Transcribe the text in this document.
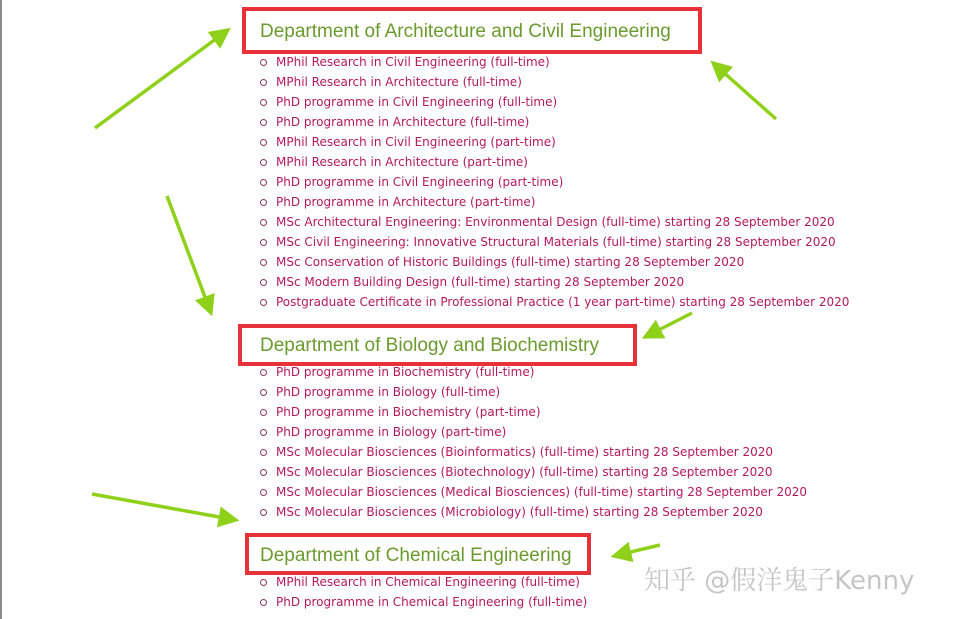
Department of Architecture and Civil Engineering
MPhil Research in Civil Engineering (full-time)
MPhil Research in Architecture (full-time)
PhD programme in Civil Engineering (full-time)
PhD programme in Architecture (full-time)
MPhil Research in Civil Engineering (part-time)
MPhil Research in Architecture (part-time)
PhD programme in Civil Engineering (part-time)
PhD programme in Architecture (part-time)
MSc Architectural Engineering: Environmental Design (full-time) starting 28 September 2020
MSc Civil Engineering: Innovative Structural Materials (full-time) starting 28 September 2020
MSc Conservation of Historic Buildings (full-time) starting 28 September 2020
MSc Modern Building Design (full-time) starting 28 September 2020
Postgraduate Certificate in Professional Practice (1 year part-time) starting 28 September 2020
Department of Biology and Biochemistry
PhD programme in Biochemistry (full-time)
PhD programme in Biology (full-time)
PhD programme in Biochemistry (part-time)
PhD programme in Biology (part-time)
MSc Molecular Biosciences (Bioinformatics) (full-time) starting 28 September 2020
MSc Molecular Biosciences (Biotechnology) (full-time) starting 28 September 2020
MSc Molecular Biosciences (Medical Biosciences) (full-time) starting 28 September 2020
MSc Molecular Biosciences (Microbiology) (full-time) starting 28 September 2020
Department of Chemical Engineering
MPhil Research in Chemical Engineering (full-time)
PhD programme in Chemical Engineering (full-time)
知乎 @假洋鬼子Kenny
